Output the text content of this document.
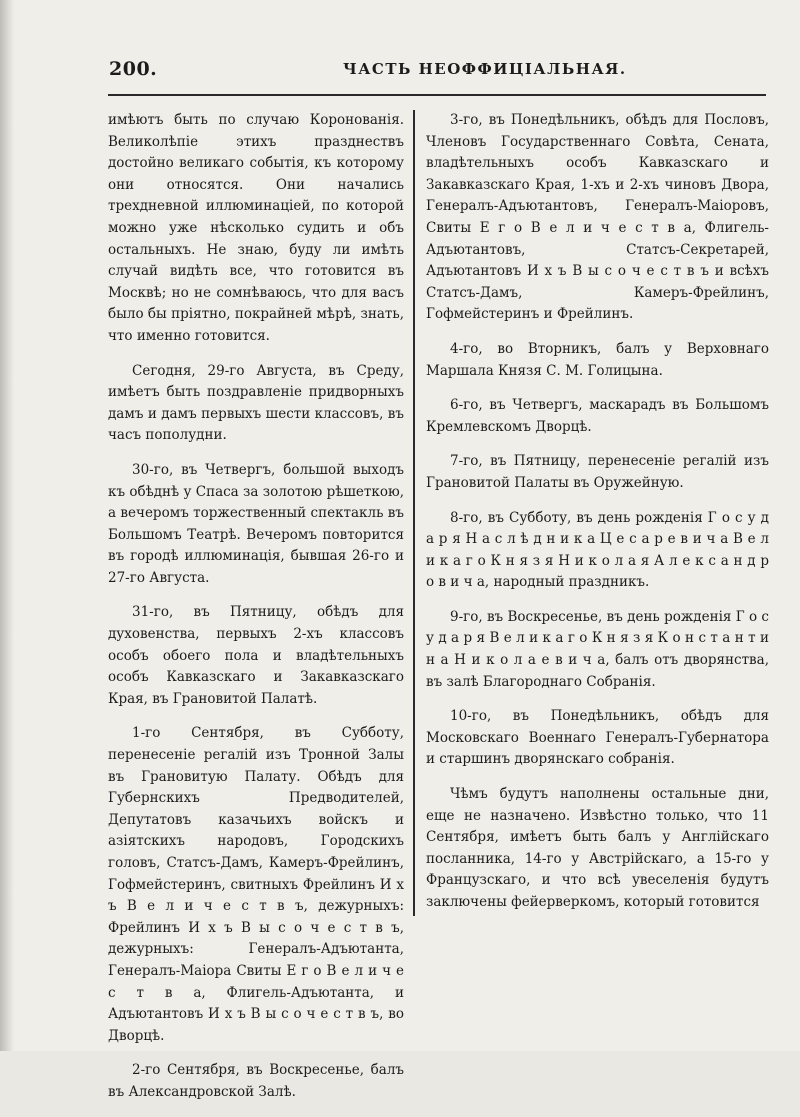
200.	ЧАСТЬ НЕОФФИЦІАЛЬНАЯ.

имѣютъ быть по случаю Коронованія. Великолѣпіе этихъ празднествъ достойно великаго событія, къ которому они относятся. Они начались трехдневной иллюминаціей, по которой можно уже нѣсколько судить и объ остальныхъ. Не знаю, буду ли имѣть случай видѣть все, что готовится въ Москвѣ; но не сомнѣваюсь, что для васъ было бы пріятно, покрайней мѣрѣ, знать, что именно готовится.

Сегодня, 29-го Августа, въ Среду, имѣетъ быть поздравленіе придворныхъ дамъ и дамъ первыхъ шести классовъ, въ часъ пополудни.

30-го, въ Четвергъ, большой выходъ къ обѣднѣ у Спаса за золотою рѣшеткою, а вечеромъ торжественный спектакль въ Большомъ Театрѣ. Вечеромъ повторится въ городѣ иллюминація, бывшая 26-го и 27-го Августа.

31-го, въ Пятницу, обѣдъ для духовенства, первыхъ 2-хъ классовъ особъ обоего пола и владѣтельныхъ особъ Кавказскаго и Закавказскаго Края, въ Грановитой Палатѣ.

1-го Сентября, въ Субботу, перенесеніе регалій изъ Тронной Залы въ Грановитую Палату. Обѣдъ для Губернскихъ Предводителей, Депутатовъ казачьихъ войскъ и азіятскихъ народовъ, Городскихъ головъ, Статсъ-Дамъ, Камеръ-Фрейлинъ, Гофмейстеринъ, свитныхъ Фрейлинъ И х ъ В е л и ч е с т в ъ, дежурныхъ: Фрейлинъ И х ъ В ы с о ч е с т в ъ, дежурныхъ: Генералъ-Адъютанта, Генералъ-Маіора Свиты Е г о В е л и ч е с т в а, Флигель-Адъютанта, и Адъютантовъ И х ъ В ы с о ч е с т в ъ, во Дворцѣ.

2-го Сентября, въ Воскресенье, балъ въ Александровской Залѣ.

3-го, въ Понедѣльникъ, обѣдъ для Пословъ, Членовъ Государственнаго Совѣта, Сената, владѣтельныхъ особъ Кавказскаго и Закавказскаго Края, 1-хъ и 2-хъ чиновъ Двора, Генералъ-Адъютантовъ, Генералъ-Маіоровъ, Свиты Е г о В е л и ч е с т в а, Флигель-Адъютантовъ, Статсъ-Секретарей, Адъютантовъ И х ъ В ы с о ч е с т в ъ и всѣхъ Статсъ-Дамъ, Камеръ-Фрейлинъ, Гофмейстеринъ и Фрейлинъ.

4-го, во Вторникъ, балъ у Верховнаго Маршала Князя С. М. Голицына.

6-го, въ Четвергъ, маскарадъ въ Большомъ Кремлевскомъ Дворцѣ.

7-го, въ Пятницу, перенесеніе регалій изъ Грановитой Палаты въ Оружейную.

8-го, въ Субботу, въ день рожденія Г о с у д а р я Н а с л ѣ д н и к а Ц е с а р е в и ч а В е л и к а г о К н я з я Н и к о л а я А л е к с а н д р о в и ч а, народный праздникъ.

9-го, въ Воскресенье, въ день рожденія Г о с у д а р я В е л и к а г о К н я з я К о н с т а н т и н а Н и к о л а е в и ч а, балъ отъ дворянства, въ залѣ Благороднаго Собранія.

10-го, въ Понедѣльникъ, обѣдъ для Московскаго Военнаго Генералъ-Губернатора и старшинъ дворянскаго собранія.

Чѣмъ будутъ наполнены остальные дни, еще не назначено. Извѣстно только, что 11 Сентября, имѣетъ быть балъ у Англійскаго посланника, 14-го у Австрійскаго, а 15-го у Французскаго, и что всѣ увеселенія будутъ заключены фейерверкомъ, который готовится
